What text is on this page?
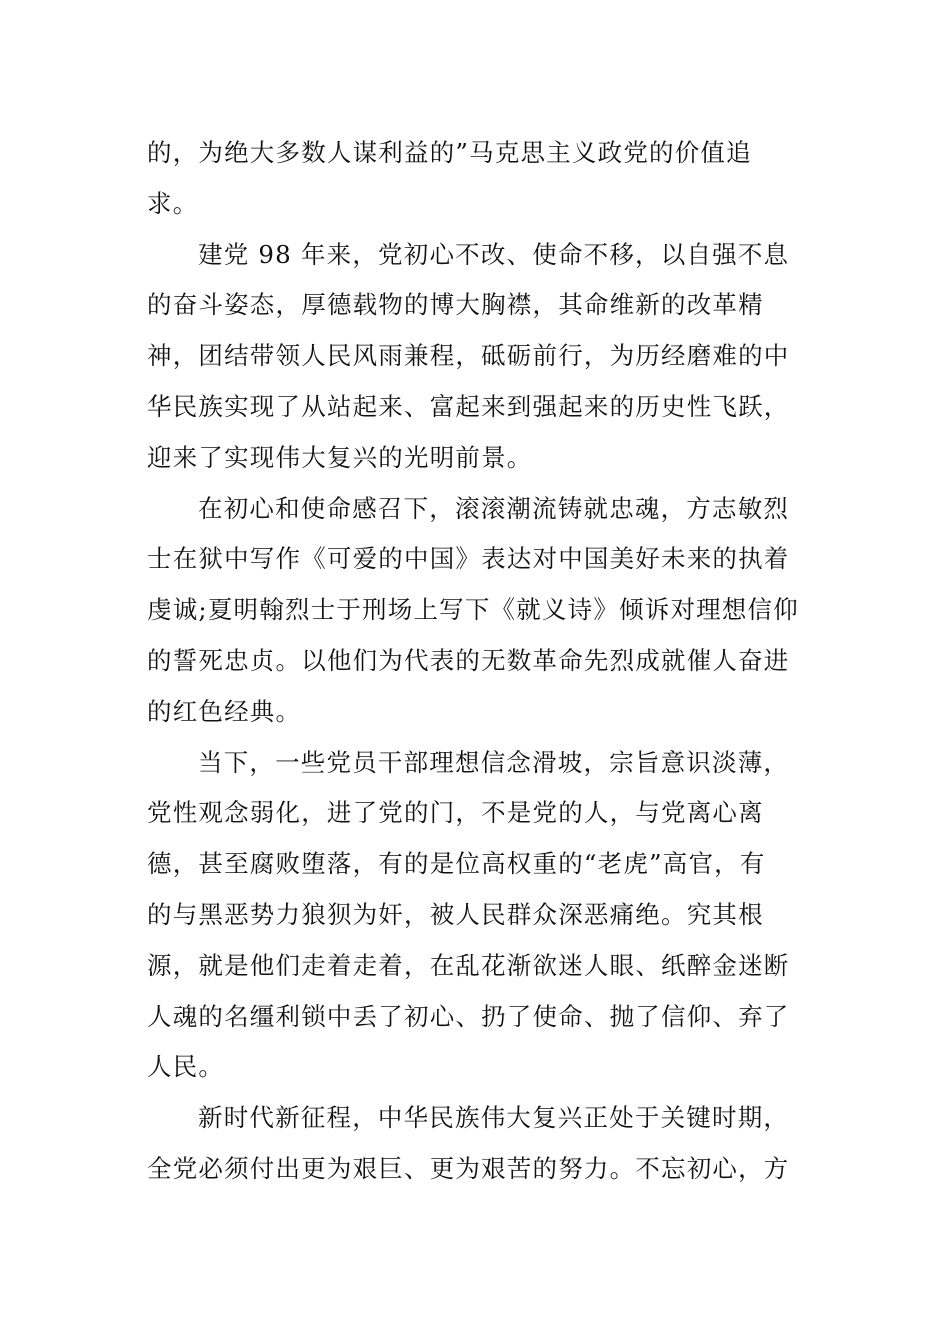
的，为绝大多数人谋利益的”马克思主义政党的价值追
求。
建党 98 年来，党初心不改、使命不移，以自强不息
的奋斗姿态，厚德载物的博大胸襟，其命维新的改革精
神，团结带领人民风雨兼程，砥砺前行，为历经磨难的中
华民族实现了从站起来、富起来到强起来的历史性飞跃，
迎来了实现伟大复兴的光明前景。
在初心和使命感召下，滚滚潮流铸就忠魂，方志敏烈
士在狱中写作《可爱的中国》表达对中国美好未来的执着
虔诚;夏明翰烈士于刑场上写下《就义诗》倾诉对理想信仰
的誓死忠贞。以他们为代表的无数革命先烈成就催人奋进
的红色经典。
当下，一些党员干部理想信念滑坡，宗旨意识淡薄，
党性观念弱化，进了党的门，不是党的人，与党离心离
德，甚至腐败堕落，有的是位高权重的“老虎”高官，有
的与黑恶势力狼狈为奸，被人民群众深恶痛绝。究其根
源，就是他们走着走着，在乱花渐欲迷人眼、纸醉金迷断
人魂的名缰利锁中丢了初心、扔了使命、抛了信仰、弃了
人民。
新时代新征程，中华民族伟大复兴正处于关键时期，
全党必须付出更为艰巨、更为艰苦的努力。不忘初心，方
